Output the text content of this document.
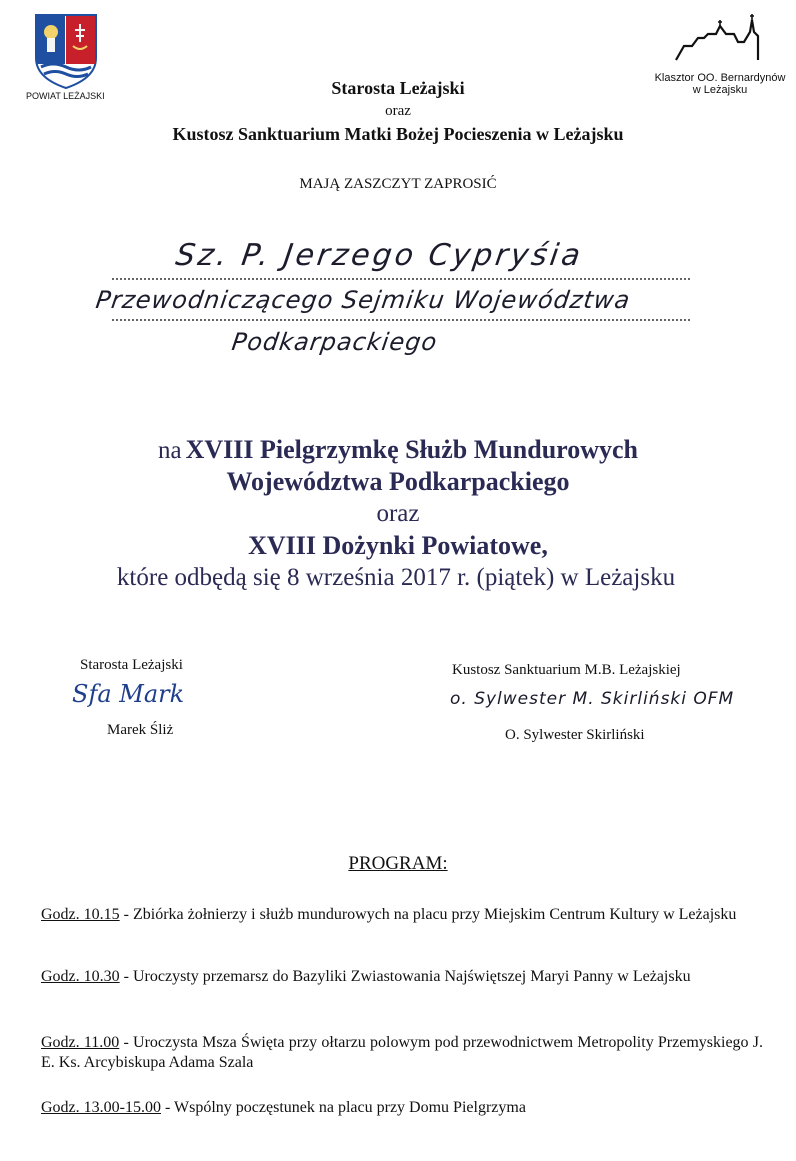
POWIAT LEŻAJSKI
Klasztor OO. Bernardynów
w Leżajsku
Starosta Leżajski
oraz
Kustosz Sanktuarium Matki Bożej Pocieszenia w Leżajsku
MAJĄ ZASZCZYT ZAPROSIĆ
Sz. P. Jerzego Cypryśia
Przewodniczącego Sejmiku Województwa
Podkarpackiego
na XVIII Pielgrzymkę Służb Mundurowych
Województwa Podkarpackiego
oraz
XVIII Dożynki Powiatowe,
które odbędą się 8 września 2017 r. (piątek) w Leżajsku
Starosta Leżajski
Sfa Mark
Marek Śliż
Kustosz Sanktuarium M.B. Leżajskiej
o. Sylwester M. Skirliński OFM
O. Sylwester Skirliński
PROGRAM:
Godz. 10.15 - Zbiórka żołnierzy i służb mundurowych na placu przy Miejskim Centrum Kultury w Leżajsku
Godz. 10.30 - Uroczysty przemarsz do Bazyliki Zwiastowania Najświętszej Maryi Panny w Leżajsku
Godz. 11.00 - Uroczysta Msza Święta przy ołtarzu polowym pod przewodnictwem Metropolity Przemyskiego J. E. Ks. Arcybiskupa Adama Szala
Godz. 13.00-15.00 - Wspólny poczęstunek na placu przy Domu Pielgrzyma
